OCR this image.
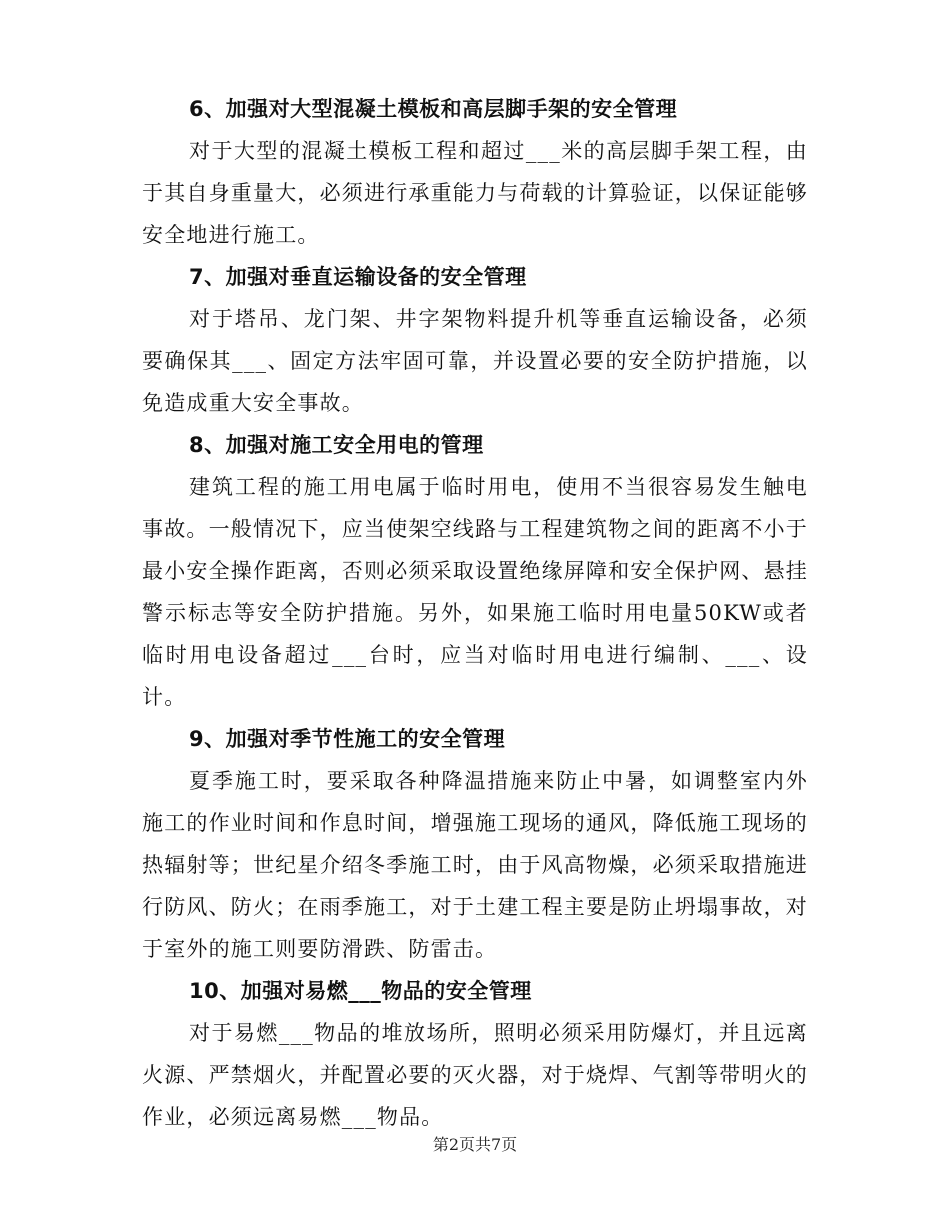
6、加强对大型混凝土模板和高层脚手架的安全管理

对于大型的混凝土模板工程和超过___米的高层脚手架工程，由于其自身重量大，必须进行承重能力与荷载的计算验证，以保证能够安全地进行施工。

7、加强对垂直运输设备的安全管理

对于塔吊、龙门架、井字架物料提升机等垂直运输设备，必须要确保其___、固定方法牢固可靠，并设置必要的安全防护措施，以免造成重大安全事故。

8、加强对施工安全用电的管理

建筑工程的施工用电属于临时用电，使用不当很容易发生触电事故。一般情况下，应当使架空线路与工程建筑物之间的距离不小于最小安全操作距离，否则必须采取设置绝缘屏障和安全保护网、悬挂警示标志等安全防护措施。另外，如果施工临时用电量50KW或者临时用电设备超过___台时，应当对临时用电进行编制、___、设计。

9、加强对季节性施工的安全管理

夏季施工时，要采取各种降温措施来防止中暑，如调整室内外施工的作业时间和作息时间，增强施工现场的通风，降低施工现场的热辐射等；世纪星介绍冬季施工时，由于风高物燥，必须采取措施进行防风、防火；在雨季施工，对于土建工程主要是防止坍塌事故，对于室外的施工则要防滑跌、防雷击。

10、加强对易燃___物品的安全管理

对于易燃___物品的堆放场所，照明必须采用防爆灯，并且远离火源、严禁烟火，并配置必要的灭火器，对于烧焊、气割等带明火的作业，必须远离易燃___物品。

第2页共7页
